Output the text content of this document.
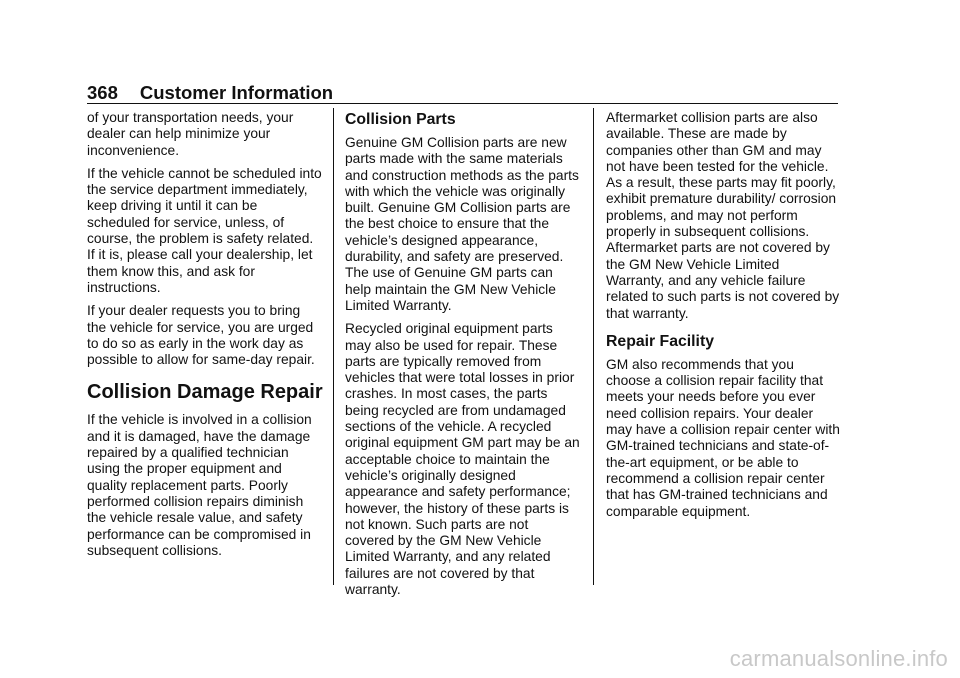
368 Customer Information

of your transportation needs, your dealer can help minimize your inconvenience.

If the vehicle cannot be scheduled into the service department immediately, keep driving it until it can be scheduled for service, unless, of course, the problem is safety related. If it is, please call your dealership, let them know this, and ask for instructions.

If your dealer requests you to bring the vehicle for service, you are urged to do so as early in the work day as possible to allow for same-day repair.

Collision Damage Repair

If the vehicle is involved in a collision and it is damaged, have the damage repaired by a qualified technician using the proper equipment and quality replacement parts. Poorly performed collision repairs diminish the vehicle resale value, and safety performance can be compromised in subsequent collisions.

Collision Parts

Genuine GM Collision parts are new parts made with the same materials and construction methods as the parts with which the vehicle was originally built. Genuine GM Collision parts are the best choice to ensure that the vehicle’s designed appearance, durability, and safety are preserved. The use of Genuine GM parts can help maintain the GM New Vehicle Limited Warranty.

Recycled original equipment parts may also be used for repair. These parts are typically removed from vehicles that were total losses in prior crashes. In most cases, the parts being recycled are from undamaged sections of the vehicle. A recycled original equipment GM part may be an acceptable choice to maintain the vehicle’s originally designed appearance and safety performance; however, the history of these parts is not known. Such parts are not covered by the GM New Vehicle Limited Warranty, and any related failures are not covered by that warranty.

Aftermarket collision parts are also available. These are made by companies other than GM and may not have been tested for the vehicle. As a result, these parts may fit poorly, exhibit premature durability/ corrosion problems, and may not perform properly in subsequent collisions. Aftermarket parts are not covered by the GM New Vehicle Limited Warranty, and any vehicle failure related to such parts is not covered by that warranty.

Repair Facility

GM also recommends that you choose a collision repair facility that meets your needs before you ever need collision repairs. Your dealer may have a collision repair center with GM-trained technicians and state-of-the-art equipment, or be able to recommend a collision repair center that has GM-trained technicians and comparable equipment.

carmanualsonline.info
